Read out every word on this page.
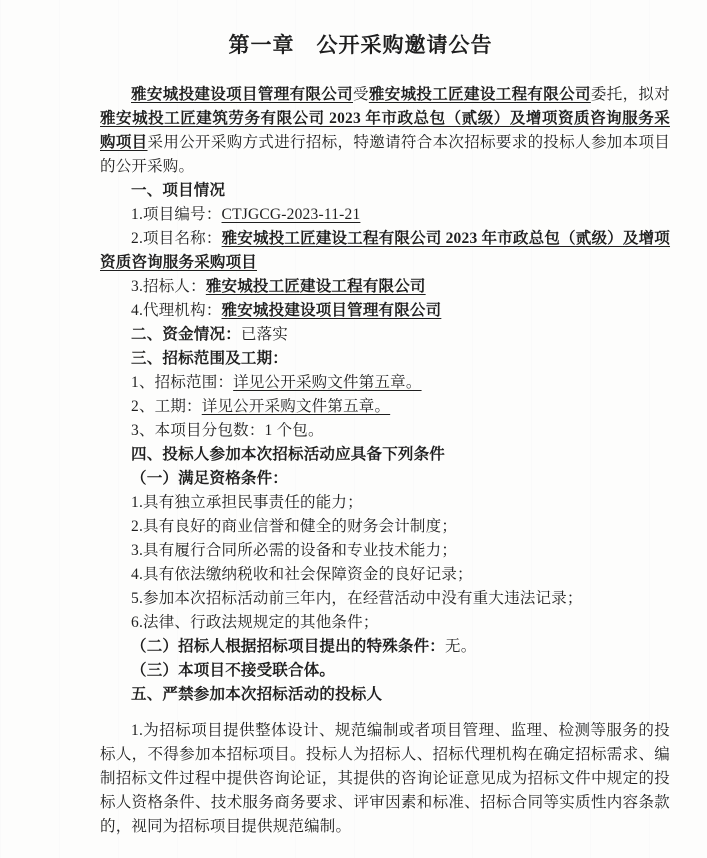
第一章　公开采购邀请公告

雅安城投建设项目管理有限公司受雅安城投工匠建设工程有限公司委托，拟对雅安城投工匠建筑劳务有限公司 2023 年市政总包（贰级）及增项资质咨询服务采购项目采用公开采购方式进行招标，特邀请符合本次招标要求的投标人参加本项目的公开采购。

一、项目情况

1.项目编号：CTJGCG-2023-11-21

2.项目名称：雅安城投工匠建设工程有限公司 2023 年市政总包（贰级）及增项资质咨询服务采购项目

3.招标人：雅安城投工匠建设工程有限公司

4.代理机构：雅安城投建设项目管理有限公司

二、资金情况：已落实

三、招标范围及工期：

1、招标范围：详见公开采购文件第五章。

2、工期：详见公开采购文件第五章。

3、本项目分包数：1 个包。

四、投标人参加本次招标活动应具备下列条件

（一）满足资格条件：

1.具有独立承担民事责任的能力；

2.具有良好的商业信誉和健全的财务会计制度；

3.具有履行合同所必需的设备和专业技术能力；

4.具有依法缴纳税收和社会保障资金的良好记录；

5.参加本次招标活动前三年内，在经营活动中没有重大违法记录；

6.法律、行政法规规定的其他条件；

（二）招标人根据招标项目提出的特殊条件：无。

（三）本项目不接受联合体。

五、严禁参加本次招标活动的投标人

1.为招标项目提供整体设计、规范编制或者项目管理、监理、检测等服务的投标人，不得参加本招标项目。投标人为招标人、招标代理机构在确定招标需求、编制招标文件过程中提供咨询论证，其提供的咨询论证意见成为招标文件中规定的投标人资格条件、技术服务商务要求、评审因素和标准、招标合同等实质性内容条款的，视同为招标项目提供规范编制。
